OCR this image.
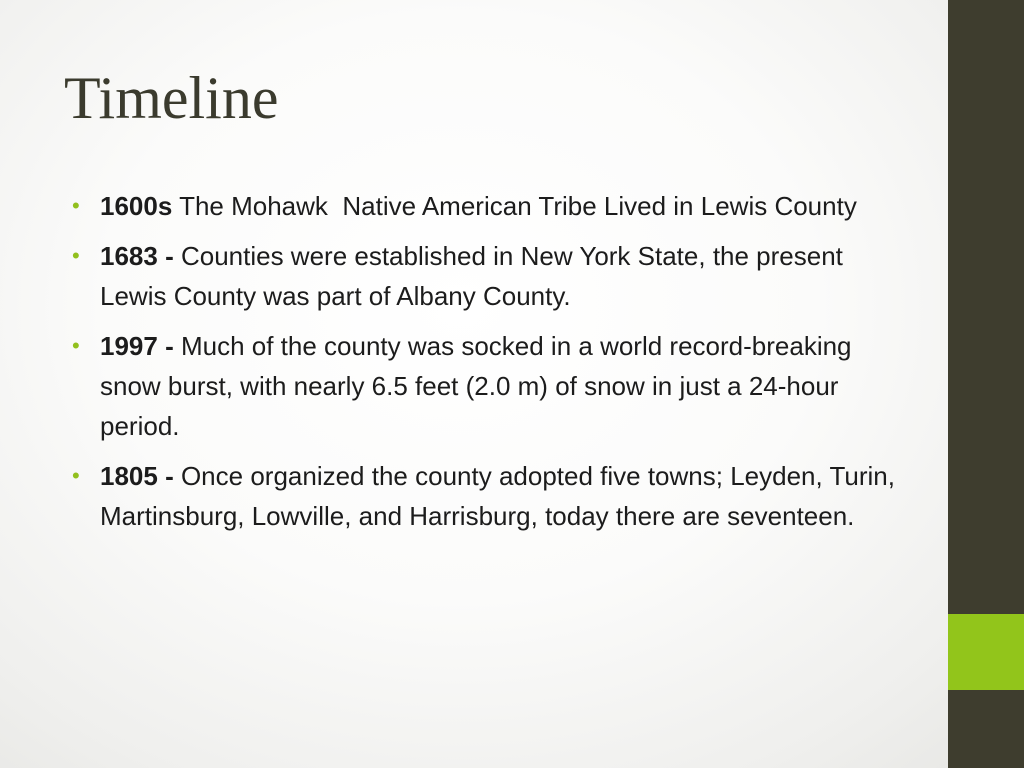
Timeline
• 1600s The Mohawk  Native American Tribe Lived in Lewis County
• 1683 - Counties were established in New York State, the present Lewis County was part of Albany County.
• 1997 - Much of the county was socked in a world record-breaking snow burst, with nearly 6.5 feet (2.0 m) of snow in just a 24-hour period.
• 1805 - Once organized the county adopted five towns; Leyden, Turin, Martinsburg, Lowville, and Harrisburg, today there are seventeen.
